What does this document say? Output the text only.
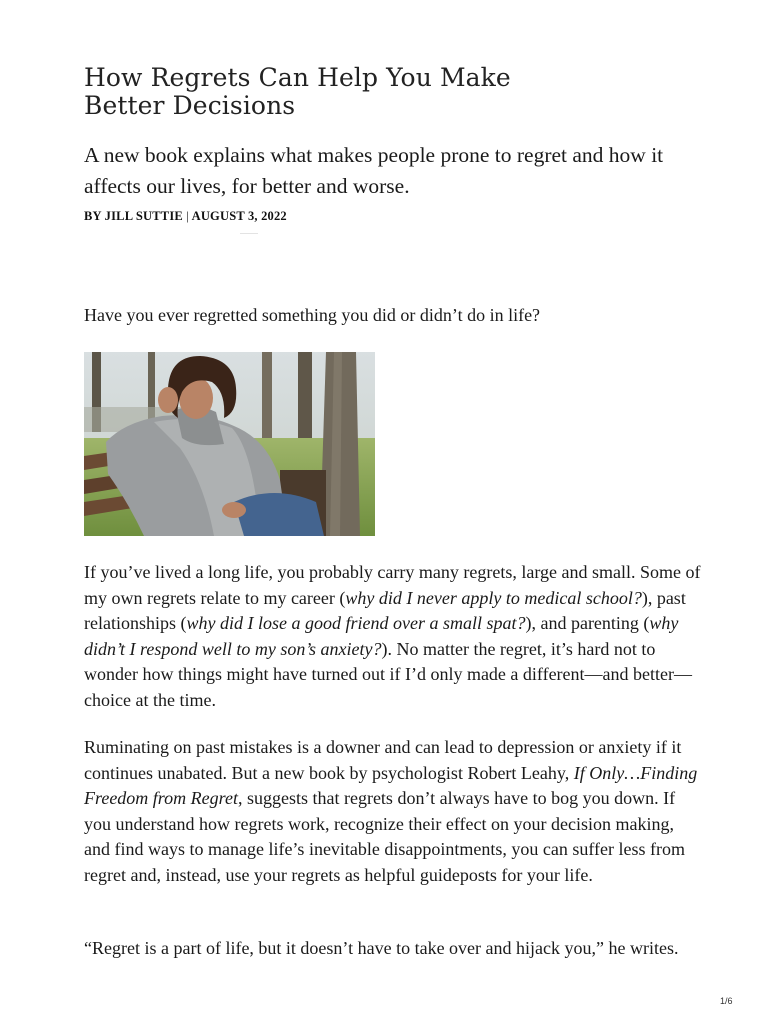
How Regrets Can Help You Make Better Decisions

A new book explains what makes people prone to regret and how it affects our lives, for better and worse.

BY JILL SUTTIE | AUGUST 3, 2022

Have you ever regretted something you did or didn’t do in life?

If you’ve lived a long life, you probably carry many regrets, large and small. Some of my own regrets relate to my career (why did I never apply to medical school?), past relationships (why did I lose a good friend over a small spat?), and parenting (why didn’t I respond well to my son’s anxiety?). No matter the regret, it’s hard not to wonder how things might have turned out if I’d only made a different—and better—choice at the time.

Ruminating on past mistakes is a downer and can lead to depression or anxiety if it continues unabated. But a new book by psychologist Robert Leahy, If Only…Finding Freedom from Regret, suggests that regrets don’t always have to bog you down. If you understand how regrets work, recognize their effect on your decision making, and find ways to manage life’s inevitable disappointments, you can suffer less from regret and, instead, use your regrets as helpful guideposts for your life.

“Regret is a part of life, but it doesn’t have to take over and hijack you,” he writes.

1/6
